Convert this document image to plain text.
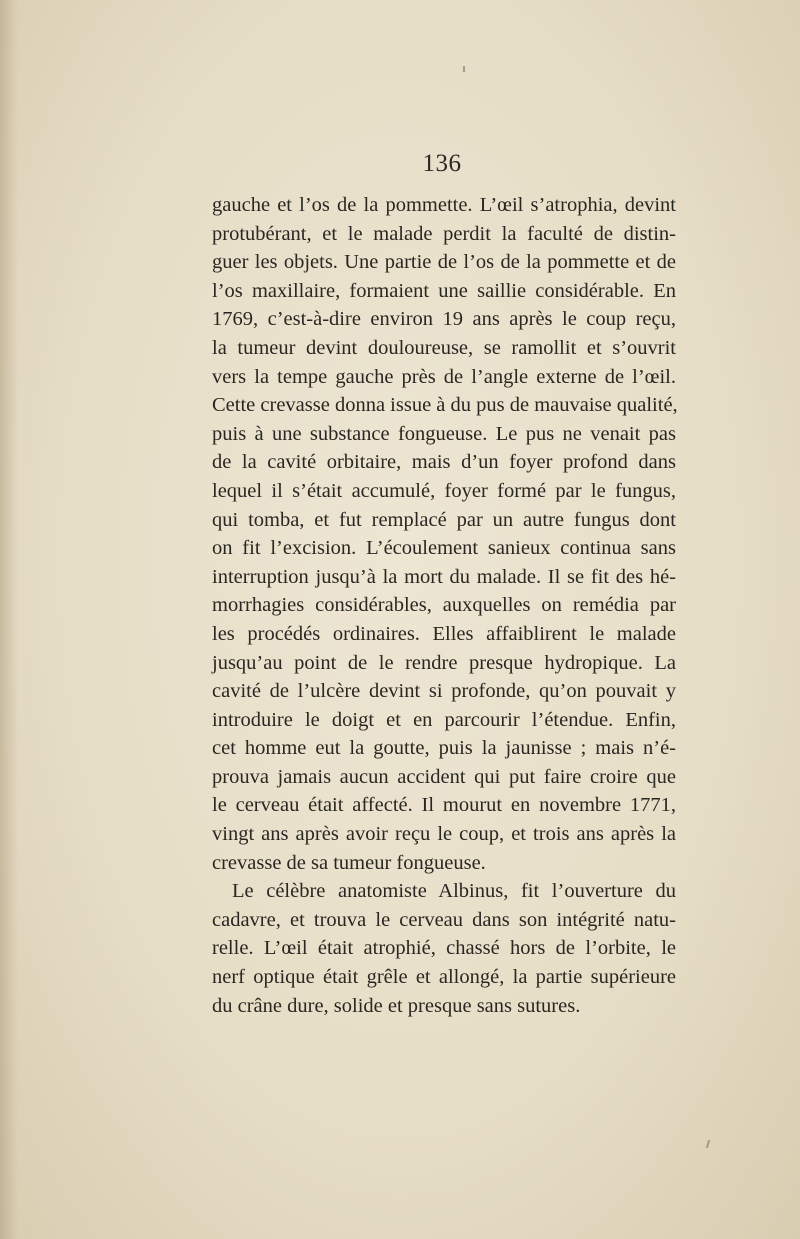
136
gauche et l’os de la pommette. L’œil s’atrophia, devint
protubérant, et le malade perdit la faculté de distin-
guer les objets. Une partie de l’os de la pommette et de
l’os maxillaire, formaient une saillie considérable. En
1769, c’est-à-dire environ 19 ans après le coup reçu,
la tumeur devint douloureuse, se ramollit et s’ouvrit
vers la tempe gauche près de l’angle externe de l’œil.
Cette crevasse donna issue à du pus de mauvaise qualité,
puis à une substance fongueuse. Le pus ne venait pas
de la cavité orbitaire, mais d’un foyer profond dans
lequel il s’était accumulé, foyer formé par le fungus,
qui tomba, et fut remplacé par un autre fungus dont
on fit l’excision. L’écoulement sanieux continua sans
interruption jusqu’à la mort du malade. Il se fit des hé-
morrhagies considérables, auxquelles on remédia par
les procédés ordinaires. Elles affaiblirent le malade
jusqu’au point de le rendre presque hydropique. La
cavité de l’ulcère devint si profonde, qu’on pouvait y
introduire le doigt et en parcourir l’étendue. Enfin,
cet homme eut la goutte, puis la jaunisse ; mais n’é-
prouva jamais aucun accident qui put faire croire que
le cerveau était affecté. Il mourut en novembre 1771,
vingt ans après avoir reçu le coup, et trois ans après la
crevasse de sa tumeur fongueuse.
Le célèbre anatomiste Albinus, fit l’ouverture du
cadavre, et trouva le cerveau dans son intégrité natu-
relle. L’œil était atrophié, chassé hors de l’orbite, le
nerf optique était grêle et allongé, la partie supérieure
du crâne dure, solide et presque sans sutures.
